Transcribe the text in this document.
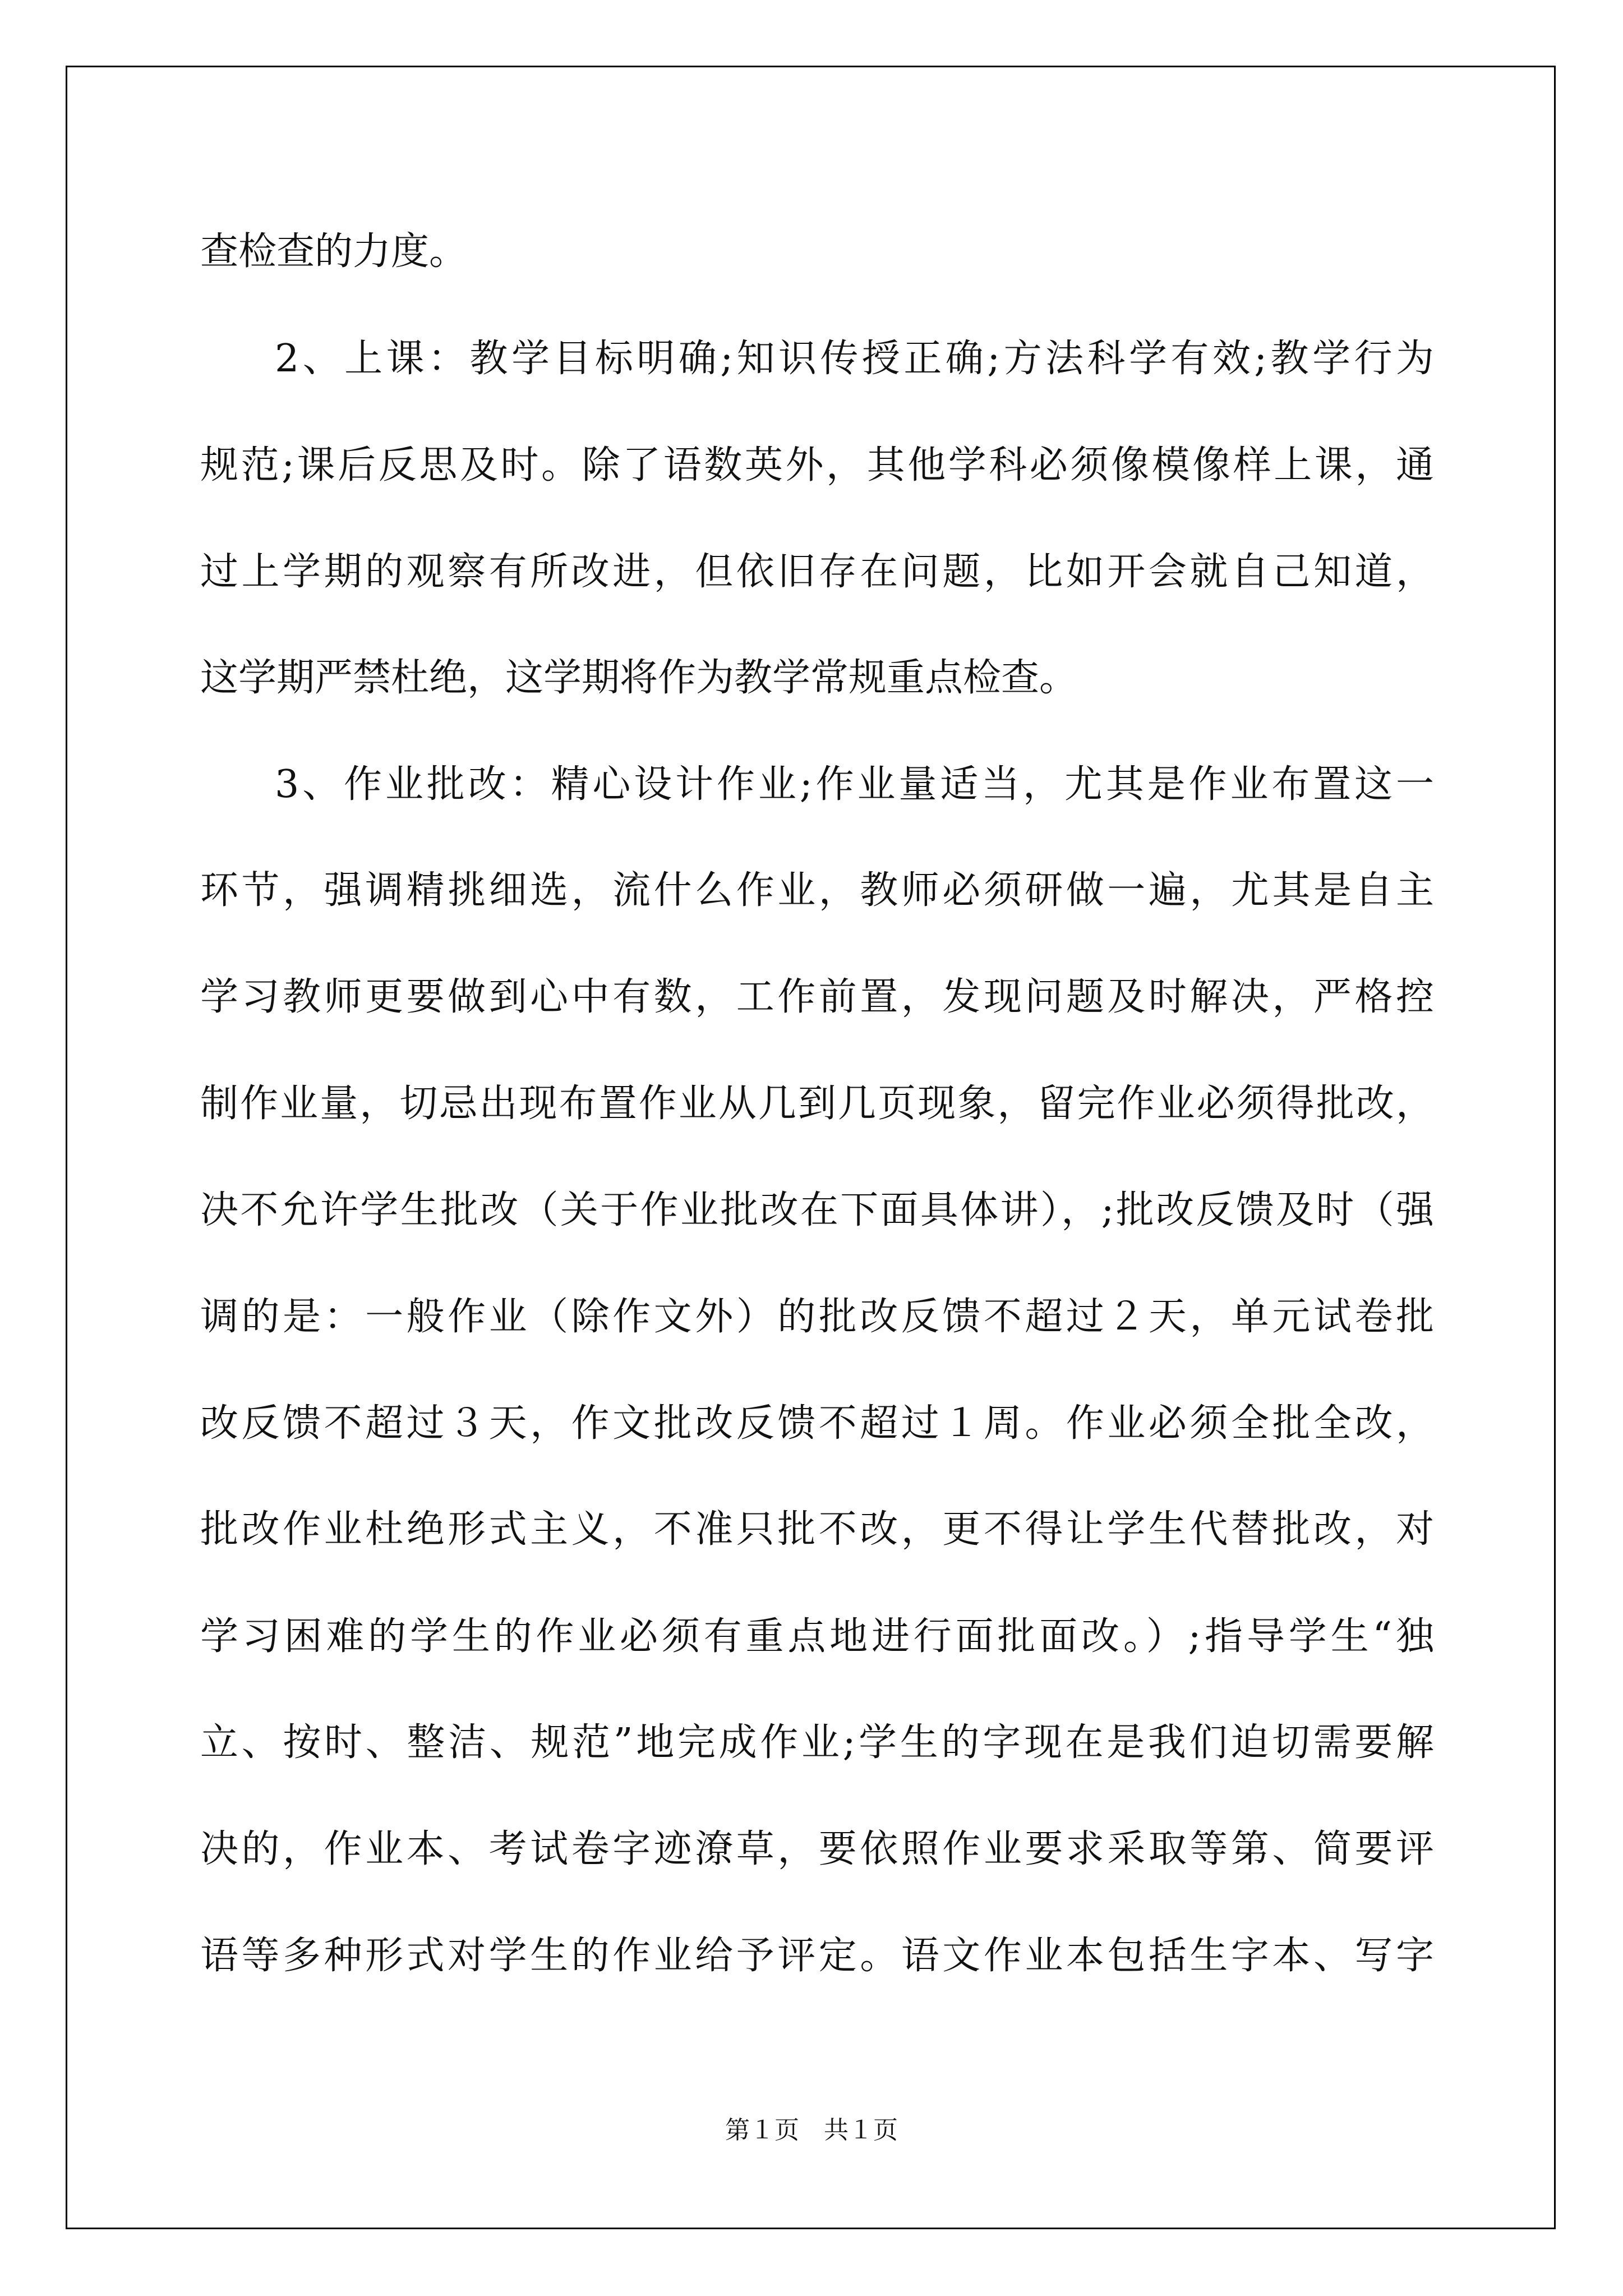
查检查的力度。
2、上课：教学目标明确;知识传授正确;方法科学有效;教学行为
规范;课后反思及时。除了语数英外，其他学科必须像模像样上课，通
过上学期的观察有所改进，但依旧存在问题，比如开会就自己知道，
这学期严禁杜绝，这学期将作为教学常规重点检查。
3、作业批改：精心设计作业;作业量适当，尤其是作业布置这一
环节，强调精挑细选，流什么作业，教师必须研做一遍，尤其是自主
学习教师更要做到心中有数，工作前置，发现问题及时解决，严格控
制作业量，切忌出现布置作业从几到几页现象，留完作业必须得批改，
决不允许学生批改（关于作业批改在下面具体讲），;批改反馈及时（强
调的是：一般作业（除作文外）的批改反馈不超过２天，单元试卷批
改反馈不超过３天，作文批改反馈不超过１周。作业必须全批全改，
批改作业杜绝形式主义，不准只批不改，更不得让学生代替批改，对
学习困难的学生的作业必须有重点地进行面批面改。）;指导学生“独
立、按时、整洁、规范”地完成作业;学生的字现在是我们迫切需要解
决的，作业本、考试卷字迹潦草，要依照作业要求采取等第、简要评
语等多种形式对学生的作业给予评定。语文作业本包括生字本、写字
第１页　共１页
